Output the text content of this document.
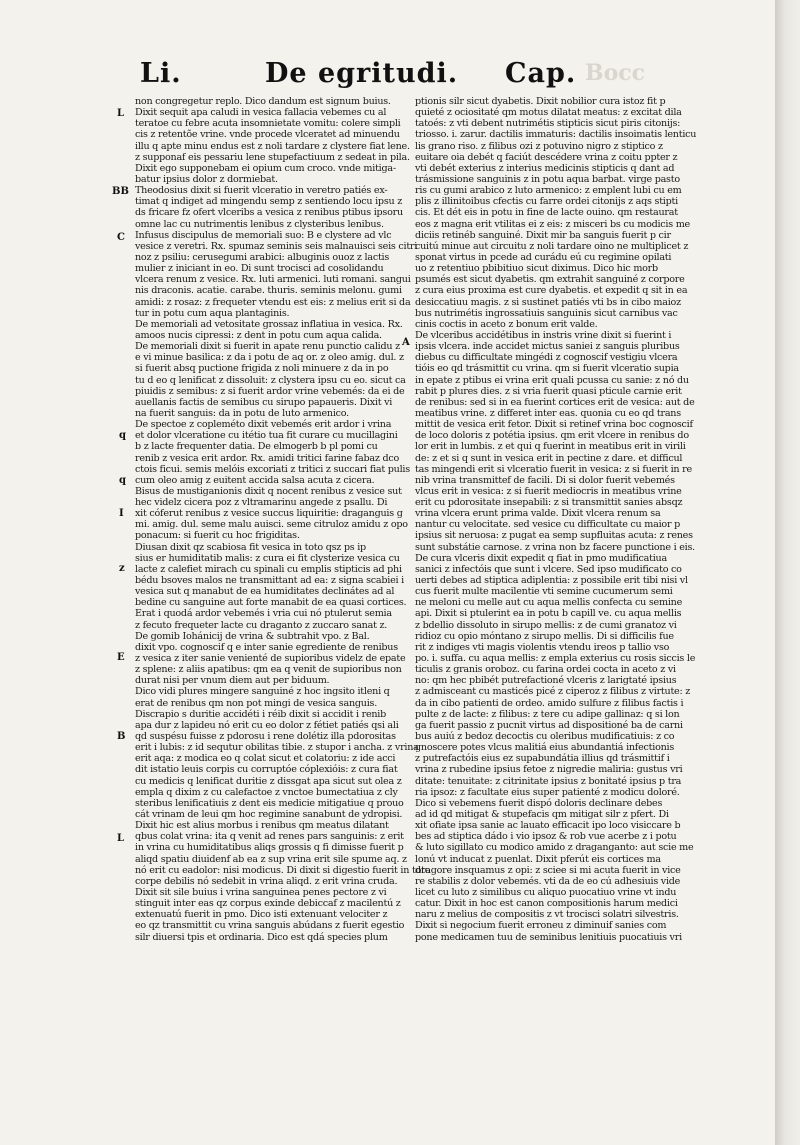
Li.	De egritudi.	Bocc
Cap.
non congregetur replo. Dico dandum est signum buius.
Dixit sequit apa caludi in vesica fallacia vebemes cu al
teratoe cu febre acuta insomnietate vomitu: colere simpli
cis z retentõe vrine. vnde procede vlceratet ad minuendu
illu q apte minu endus est z noli tardare z clystere fiat lene.
z supponaf eis pessariu lene stupefactiuum z sedeat in pila.
Dixit ego supponebam ei opium cum croco. vnde mitiga-
batur ipsius dolor z dormiebat.
Theodosius dixit si fuerit vlceratio in veretro patiés ex-
timat q indiget ad mingendu semp z sentiendo locu ipsu z
ds fricare fz ofert vlceribs a vesica z renibus ptibus ipsoru
omne lac cu nutrimentis lenibus z clysteribus lenibus.
Infusus discipulus de memoriali suo: B e clystere ad vlc
vesice z veretri. Rx. spumaz seminis seis malnauisci seis citri
noz z psiliu: cerusegumi arabici: albuginis ouoz z lactis
mulier z iniciant in eo. Di sunt trocisci ad cosolidandu
vlcera renum z vesice. Rx. luti armenici. luti romani. sangui
nis draconis. acatie. carabe. thuris. seminis melonu. gumi
amidi: z rosaz: z frequeter vtendu est eis: z melius erit si da
tur in potu cum aqua plantaginis.
De memoriali ad vetositate grossaz inflatiua in vesica. Rx.
amoos nucis cipressi: z dent in potu cum aqua calida.
De memoriali dixit si fuerit in apate renu punctio calidu z
e vi minue basilica: z da i potu de aq or. z oleo amig. dul. z
si fuerit absq puctione frigida z noli minuere z da in po
tu d eo q lenificat z dissoluit: z clystera ipsu cu eo. sicut ca
piuidis z semibus: z si fuerit ardor vrine vebemés: da ei de
auellanis factis de semibus cu sirupo papaueris. Dixit vi
na fuerit sanguis: da in potu de luto armenico.
De spectoe z copleméto dixit vebemés erit ardor i vrina
et dolor vlceratione cu itétio tua fit curare cu mucillagini
b z lacte frequenter datia. De elmogerb b pl pomi cu
renib z vesica erit ardor. Rx. amidi tritici farine fabaz dco
ctois ficui. semis melóis excoriati z tritici z succari fiat pulis
cum oleo amig z euitent accida salsa acuta z cicera.
Bisus de mustiganionis dixit q nocent renibus z vesice sut
hec videlz cicera poz z vltramarinu angede z psallu. Di
xit cóferut renibus z vesice succus liquiritie: draganguis g
mi. amig. dul. seme malu auisci. seme citruloz amidu z opo
ponacum: si fuerit cu hoc frigiditas.
Diusan dixit qz scabiosa fit vesica in toto qsz ps ip
sius er humiditatib malis: z cura ei fit clysterize vesica cu
lacte z calefiet mirach cu spinali cu emplis stipticis ad phi
bédu bsoves malos ne transmittant ad ea: z signa scabiei i
vesica sut q manabut de ea humiditates declinátes ad al
bedine cu sanguine aut forte manabit de ea quasi cortices.
Erat i quodá ardor vebemés i vria cui nó ptulerut semia
z fecuto frequeter lacte cu draganto z zuccaro sanat z.
De gomib Iohánicij de vrina & subtrahit vpo. z Bal.
dixit vpo. cognoscif q e inter sanie egrediente de renibus
z vesica z iter sanie venienté de supioribus videlz de epate
z splene: z aliis apatibus: qm ea q venit de supioribus non
durat nisi per vnum diem aut per biduum.
Dico vidi plures mingere sanguiné z hoc ingsito itleni q
erat de renibus qm non pot mingi de vesica sanguis.
Discrapio s duritie accidéti i réib dixit si accidit i renib
apa dur z lapideu nó erit cu eo dolor z fétiet patiés qsi ali
qd suspésu fuisse z pdorosu i rene dolétiz illa pdorositas
erit i lubis: z id sequtur obilitas tibie. z stupor i ancha. z vrina
erit aqa: z modica eo q colat sicut et colatoriu: z ide acci
dit istatio leuis corpis cu corruptóe cóplexióis: z cura fiat
cu medicis q lenificat duritie z dissgat apa sicut sut olea z
empla q dixim z cu calefactoe z vnctoe bumectatiua z cly
steribus lenificatiuis z dent eis medicie mitigatiue q prouo
cát vrinam de leui qm hoc regimine sanabunt de ydropisi.
Dixit hic est alius morbus i renibus qm meatus dilatant
qbus colat vrina: ita q venit ad renes pars sanguinis: z erit
in vrina cu humiditatibus aliqs grossis q fi dimisse fuerit p
aliqd spatiu diuidenf ab ea z sup vrina erit sile spume aq. z
nó erit cu eadolor: nisi modicus. Di dixit si digestio fuerit in toto
corpe debilis nó sedebit in vrina aliqd. z erit vrina cruda.
Dixit sit sile buius i vrina sanguinea penes pectore z vi
stinguit inter eas qz corpus exinde debiccaf z macilentú z
extenuatú fuerit in pmo. Dico isti extenuant velociter z
eo qz transmittit cu vrina sanguis abúdans z fuerit egestio
silr diuersi tpis et ordinaria. Dico est qdá species plum
ptionis silr sicut dyabetis. Dixit nobilior cura istoz fit p
quieté z ociositaté qm motus dilatat meatus: z excitat dila
tatoés: z vti debent nutrimétis stipticis sicut piris citonijs:
triosso. i. zarur. dactilis immaturis: dactilis insoimatis lenticu
lis grano riso. z filibus ozi z potuvino nigro z stiptico z
euitare oia debét q faciút descédere vrina z coitu ppter z
vti debét exterius z interius medicinis stipticis q dant ad
trásmissione sanguinis z in potu aqua barbat. virge pasto
ris cu gumi arabico z luto armenico: z emplent lubi cu em
plis z illinitoibus cfectis cu farre ordei citonijs z aqs stipti
cis. Et dét eis in potu in fine de lacte ouino. qm restaurat
eos z magna erit vtilitas ei z eis: z misceri bs cu modicis me
diciis retinéb sanguiné. Dixit mir ba sanguis fuerit p cir
cuitú minue aut circuitu z noli tardare oino ne multiplicet z
sponat virtus in pcede ad curádu eú cu regimine opilati
uo z retentiuo pbibitiuo sicut diximus. Dico hic morb
psumés est sicut dyabetis. qm extrahit sanguiné z corpore
z cura eius proxima est cure dyabetis. et expedit q sit in ea
desiccatiuu magis. z si sustinet patiés vti bs in cibo maioz
bus nutrimétis ingrossatiuis sanguinis sicut carnibus vac
cinis coctis in aceto z bonum erit valde.
De vlceribus accidétibus in instris vrine dixit si fuerint i
ipsis vlcera. inde accidet mictus saniei z sanguis pluribus
diebus cu difficultate mingédi z cognoscif vestigiu vlcera
tióis eo qd trásmittit cu vrina. qm si fuerit vlceratio supia
in epate z ptibus ei vrina erit quali pcussa cu sanie: z nó du
rabit p plures dies. z si vria fuerit quasi pticule carnie erit
de renibus: sed si in ea fuerint cortices erit de vesica: aut de
meatibus vrine. z differet inter eas. quonia cu eo qd trans
mittit de vesica erit fetor. Dixit si retinef vrina boc cognoscif
de loco doloris z potétia ipsius. qm erit vlcere in renibus do
lor erit in lumbis. z et qui q fuerint in meatibus erit in virili
de: z et si q sunt in vesica erit in pectine z dare. et difficul
tas mingendi erit si vlceratio fuerit in vesica: z si fuerit in re
nib vrina transmittef de facili. Di si dolor fuerit vebemés
vlcus erit in vesica: z si fuerit mediocris in meatibus vrine
erit cu pdorositate insepabili: z si transmittit sanies absqz
vrina vlcera erunt prima valde. Dixit vlcera renum sa
nantur cu velocitate. sed vesice cu difficultate cu maior p
ipsius sit neruosa: z pugat ea semp supfluitas acuta: z renes
sunt substátie carnose. z vrina non bz facere punctione i eis.
De cura vlceris dixit expedit q fiat in pmo mudificatiua
sanici z infectóis que sunt i vlcere. Sed ipso mudificato co
uerti debes ad stiptica adiplentia: z possibile erit tibi nisi vl
cus fuerit multe macilentie vti semine cucumerum semi
ne meloni cu melle aut cu aqua mellis confecta cu semine
api. Dixit si ptulerint ea in potu b capill ve. cu aqua mellis
z bdellio dissoluto in sirupo mellis: z de cumi granatoz vi
ridioz cu opio móntano z sirupo mellis. Di si difficilis fue
rit z indiges vti magis violentis vtendu ireos p tallio vso
po. i. suffa. cu aqua mellis: z empla exterius cu rosis siccis le
ticulis z granis oroboz. cu farina ordei cocta in aceto z vi
no: qm hec pbibét putrefactioné vlceris z larigtaté ipsius
z admisceant cu masticés picé z ciperoz z filibus z virtute: z
da in cibo patienti de ordeo. amido sulfure z filibus factis i
pulte z de lacte: z filibus: z tere cu adipe gallinaz: q si lon
ga fuerit passio z pucnit virtus ad dispositioné ba de carni
bus auiú z bedoz decoctis cu oleribus mudificatiuis: z co
gnoscere potes vlcus malitiá eius abundantiá infectionis
z putrefactóis eius ez supabundátia illius qd trásmittif i
vrina z rubedine ipsius fetoe z nigredie maliria: gustus vri
ditate: tenuitate: z citrinitate ipsius z bonitaté ipsius p tra
ria ipsoz: z facultate eius super patienté z modicu doloré.
Dico si vebemens fuerit dispó doloris declinare debes
ad id qd mitigat & stupefacis qm mitigat silr z pfert. Di
xit ofiate ipsa sanie ac lauato efficacit ipo loco visiccare b
bes ad stiptica dádo i vio ipsoz & rob vue acerbe z i potu
& luto sigillato cu modico amido z draganganto: aut scie me
lonú vt inducat z puenlat. Dixit pferút eis cortices ma
dragore insquamus z opi: z sciee si mi acuta fuerit in vice
re stabilis z dolor vebemés. vti da de eo cú adhesiuis vide
licet cu luto z similibus cu aliquo puocatiuo vrine vt indu
catur. Dixit in hoc est canon compositionis harum medici
naru z melius de compositis z vt trocisci solatri silvestris.
Dixit si negocium fuerit erroneu z diminuif sanies com
pone medicamen tuu de seminibus lenitiuis puocatiuis vri
L
BB
C
q
q
I
z
E
B
L
A
